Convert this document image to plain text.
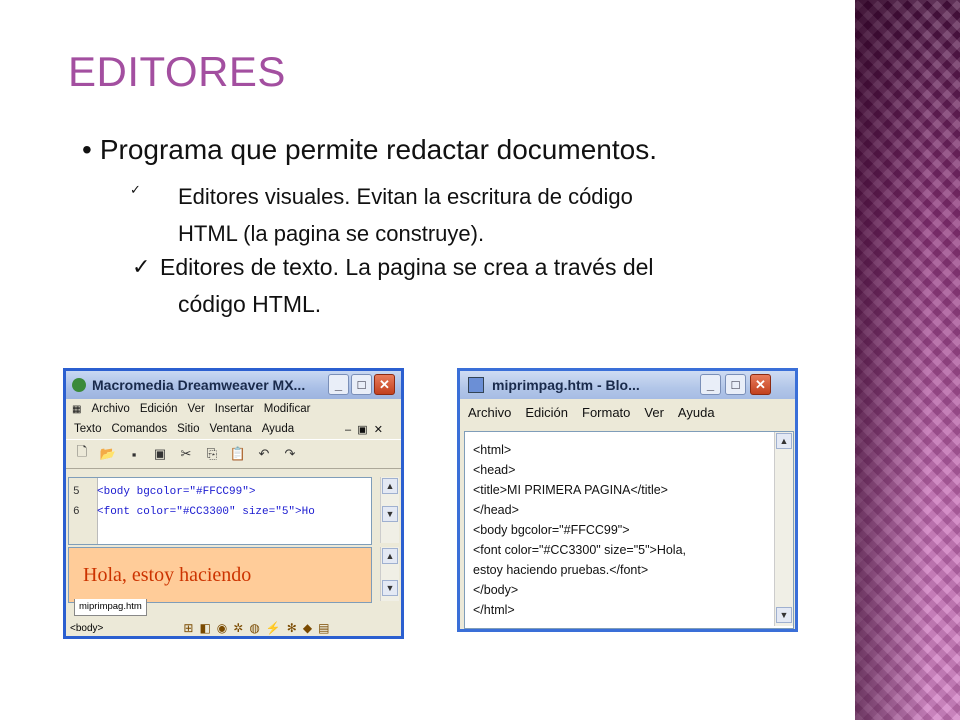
EDITORES
• Programa que permite redactar documentos.
✓ Editores visuales. Evitan la escritura de código
HTML (la pagina se construye).
✓ Editores de texto. La pagina se crea a través del
código HTML.
Macromedia Dreamweaver MX...	_	□	✕
▦ Archivo Edición Ver Insertar Modificar
Texto Comandos Sitio Ventana Ayuda	–  ▣  ✕
🗋 📂	▪	▣	✂	⎘ 📋 ↶	↷
5 <body bgcolor="#FFCC99">
6 <font color="#CC3300" size="5">Ho
▲
▼
Hola, estoy haciendo
▲
▼
miprimpag.htm
<body>	⊞ ◧ ◉ ✲ ◍ ⚡ ✻ ◆ ▤
miprimpag.htm - Blo...	_	□	✕
Archivo Edición Formato Ver Ayuda
<html>
<head>
<title>MI PRIMERA PAGINA</title>
</head>
<body bgcolor="#FFCC99">
<font color="#CC3300" size="5">Hola,
estoy haciendo pruebas.</font>
</body>
</html>
▲
▼
